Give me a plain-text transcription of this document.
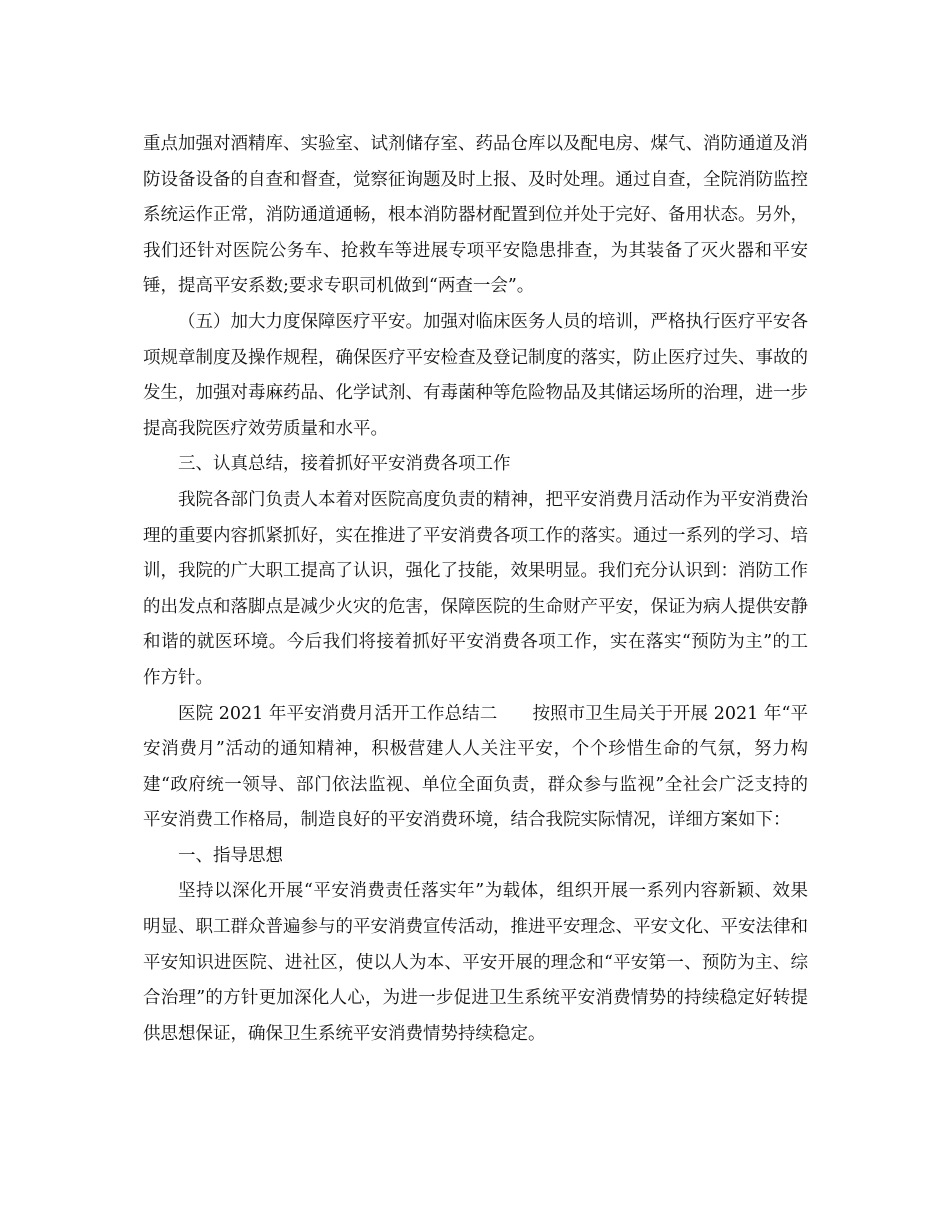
重点加强对酒精库、实验室、试剂储存室、药品仓库以及配电房、煤气、消防通道及消防设备设备的自查和督查，觉察征询题及时上报、及时处理。通过自查，全院消防监控系统运作正常，消防通道通畅，根本消防器材配置到位并处于完好、备用状态。另外，我们还针对医院公务车、抢救车等进展专项平安隐患排查，为其装备了灭火器和平安锤，提高平安系数;要求专职司机做到“两查一会”。

（五）加大力度保障医疗平安。加强对临床医务人员的培训，严格执行医疗平安各项规章制度及操作规程，确保医疗平安检查及登记制度的落实，防止医疗过失、事故的发生，加强对毒麻药品、化学试剂、有毒菌种等危险物品及其储运场所的治理，进一步提高我院医疗效劳质量和水平。

三、认真总结，接着抓好平安消费各项工作

我院各部门负责人本着对医院高度负责的精神，把平安消费月活动作为平安消费治理的重要内容抓紧抓好，实在推进了平安消费各项工作的落实。通过一系列的学习、培训，我院的广大职工提高了认识，强化了技能，效果明显。我们充分认识到：消防工作的出发点和落脚点是减少火灾的危害，保障医院的生命财产平安，保证为病人提供安静和谐的就医环境。今后我们将接着抓好平安消费各项工作，实在落实“预防为主”的工作方针。

医院 2021 年平安消费月活开工作总结二　　按照市卫生局关于开展 2021 年“平安消费月”活动的通知精神，积极营建人人关注平安，个个珍惜生命的气氛，努力构建“政府统一领导、部门依法监视、单位全面负责，群众参与监视”全社会广泛支持的平安消费工作格局，制造良好的平安消费环境，结合我院实际情况，详细方案如下：

一、指导思想

坚持以深化开展“平安消费责任落实年”为载体，组织开展一系列内容新颖、效果明显、职工群众普遍参与的平安消费宣传活动，推进平安理念、平安文化、平安法律和平安知识进医院、进社区，使以人为本、平安开展的理念和“平安第一、预防为主、综合治理”的方针更加深化人心，为进一步促进卫生系统平安消费情势的持续稳定好转提供思想保证，确保卫生系统平安消费情势持续稳定。
